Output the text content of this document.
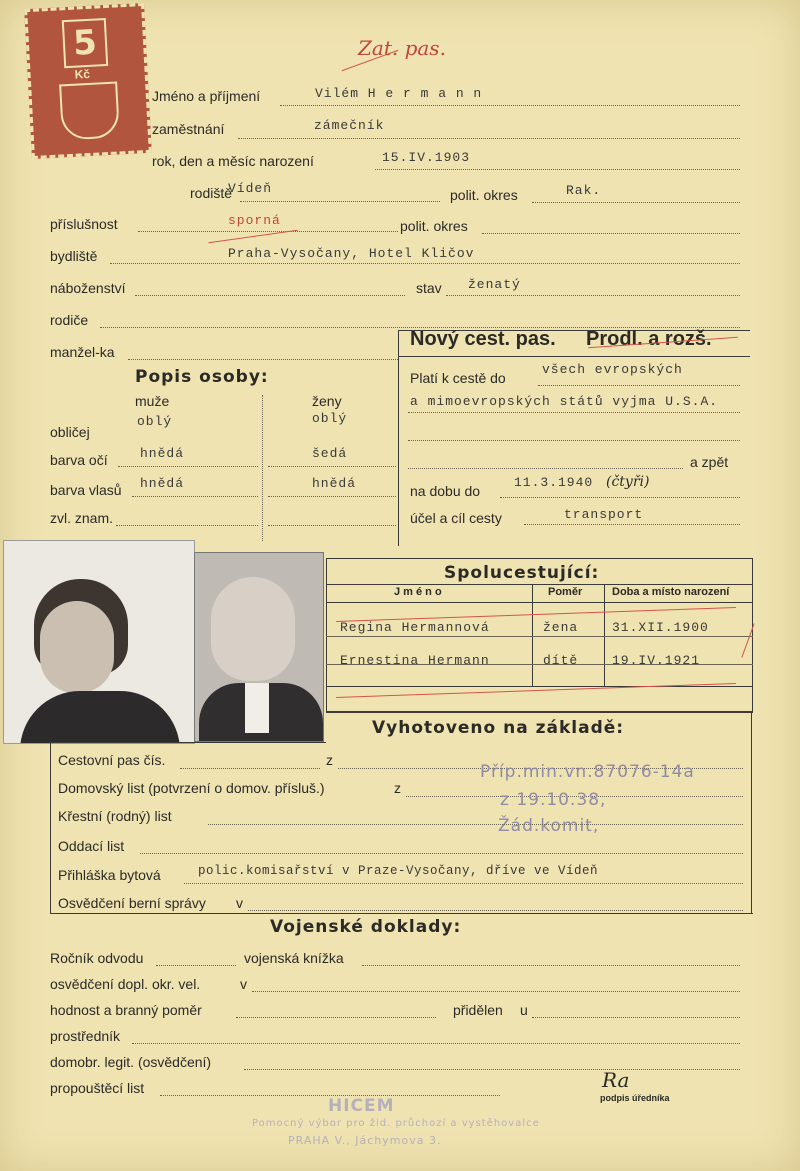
5
Kč
Zat. pas.
Jméno a příjmení	Vilém H e r m a n n
zaměstnání	zámečník
rok, den a měsíc narození	15.IV.1903
rodiště
Vídeň	polit. okres	Rak.
příslušnost	sporná	polit. okres
bydliště	Praha-Vysočany, Hotel Kličov
náboženství	stav ženatý
rodiče
manžel-ka
Popis osoby:
muže	ženy
obličej
oblý	oblý
barva očí hnědá	šedá
barva vlasů hnědá	hnědá
zvl. znam.
Nový cest. pas. Prodl. a rozš.
Platí k cestě do
všech evropských
a mimoevropských států vyjma U.S.A.
a zpět
na dobu do
11.3.1940 (čtyři)
účel a cíl cesty	transport
Spolucestující:
J m é n o	Poměr	Doba a místo narození
Regina Hermannová	žena	31.XII.1900
Ernestina Hermann	dítě	19.IV.1921
Vyhotoveno na základě:
Cestovní pas čís.	z
Domovský list (potvrzení o domov. přísluš.)	z
Příp.min.vn.87076-14a
z 19.10.38,
Žád.komit,
Křestní (rodný) list
Oddací list
Přihláška bytová	polic.komisařství v Praze-Vysočany, dříve ve Vídeň
Osvědčení berní správy v
Vojenské doklady:
Ročník odvodu	vojenská knížka
osvědčení dopl. okr. vel.	v
hodnost a branný poměr	přidělen u
prostředník
domobr. legit. (osvědčení)
propouštěcí list	Ra
podpis úředníka
HICEM
Pomocný výbor pro žid. průchozí a vystěhovalce
PRAHA V., Jáchymova 3.
